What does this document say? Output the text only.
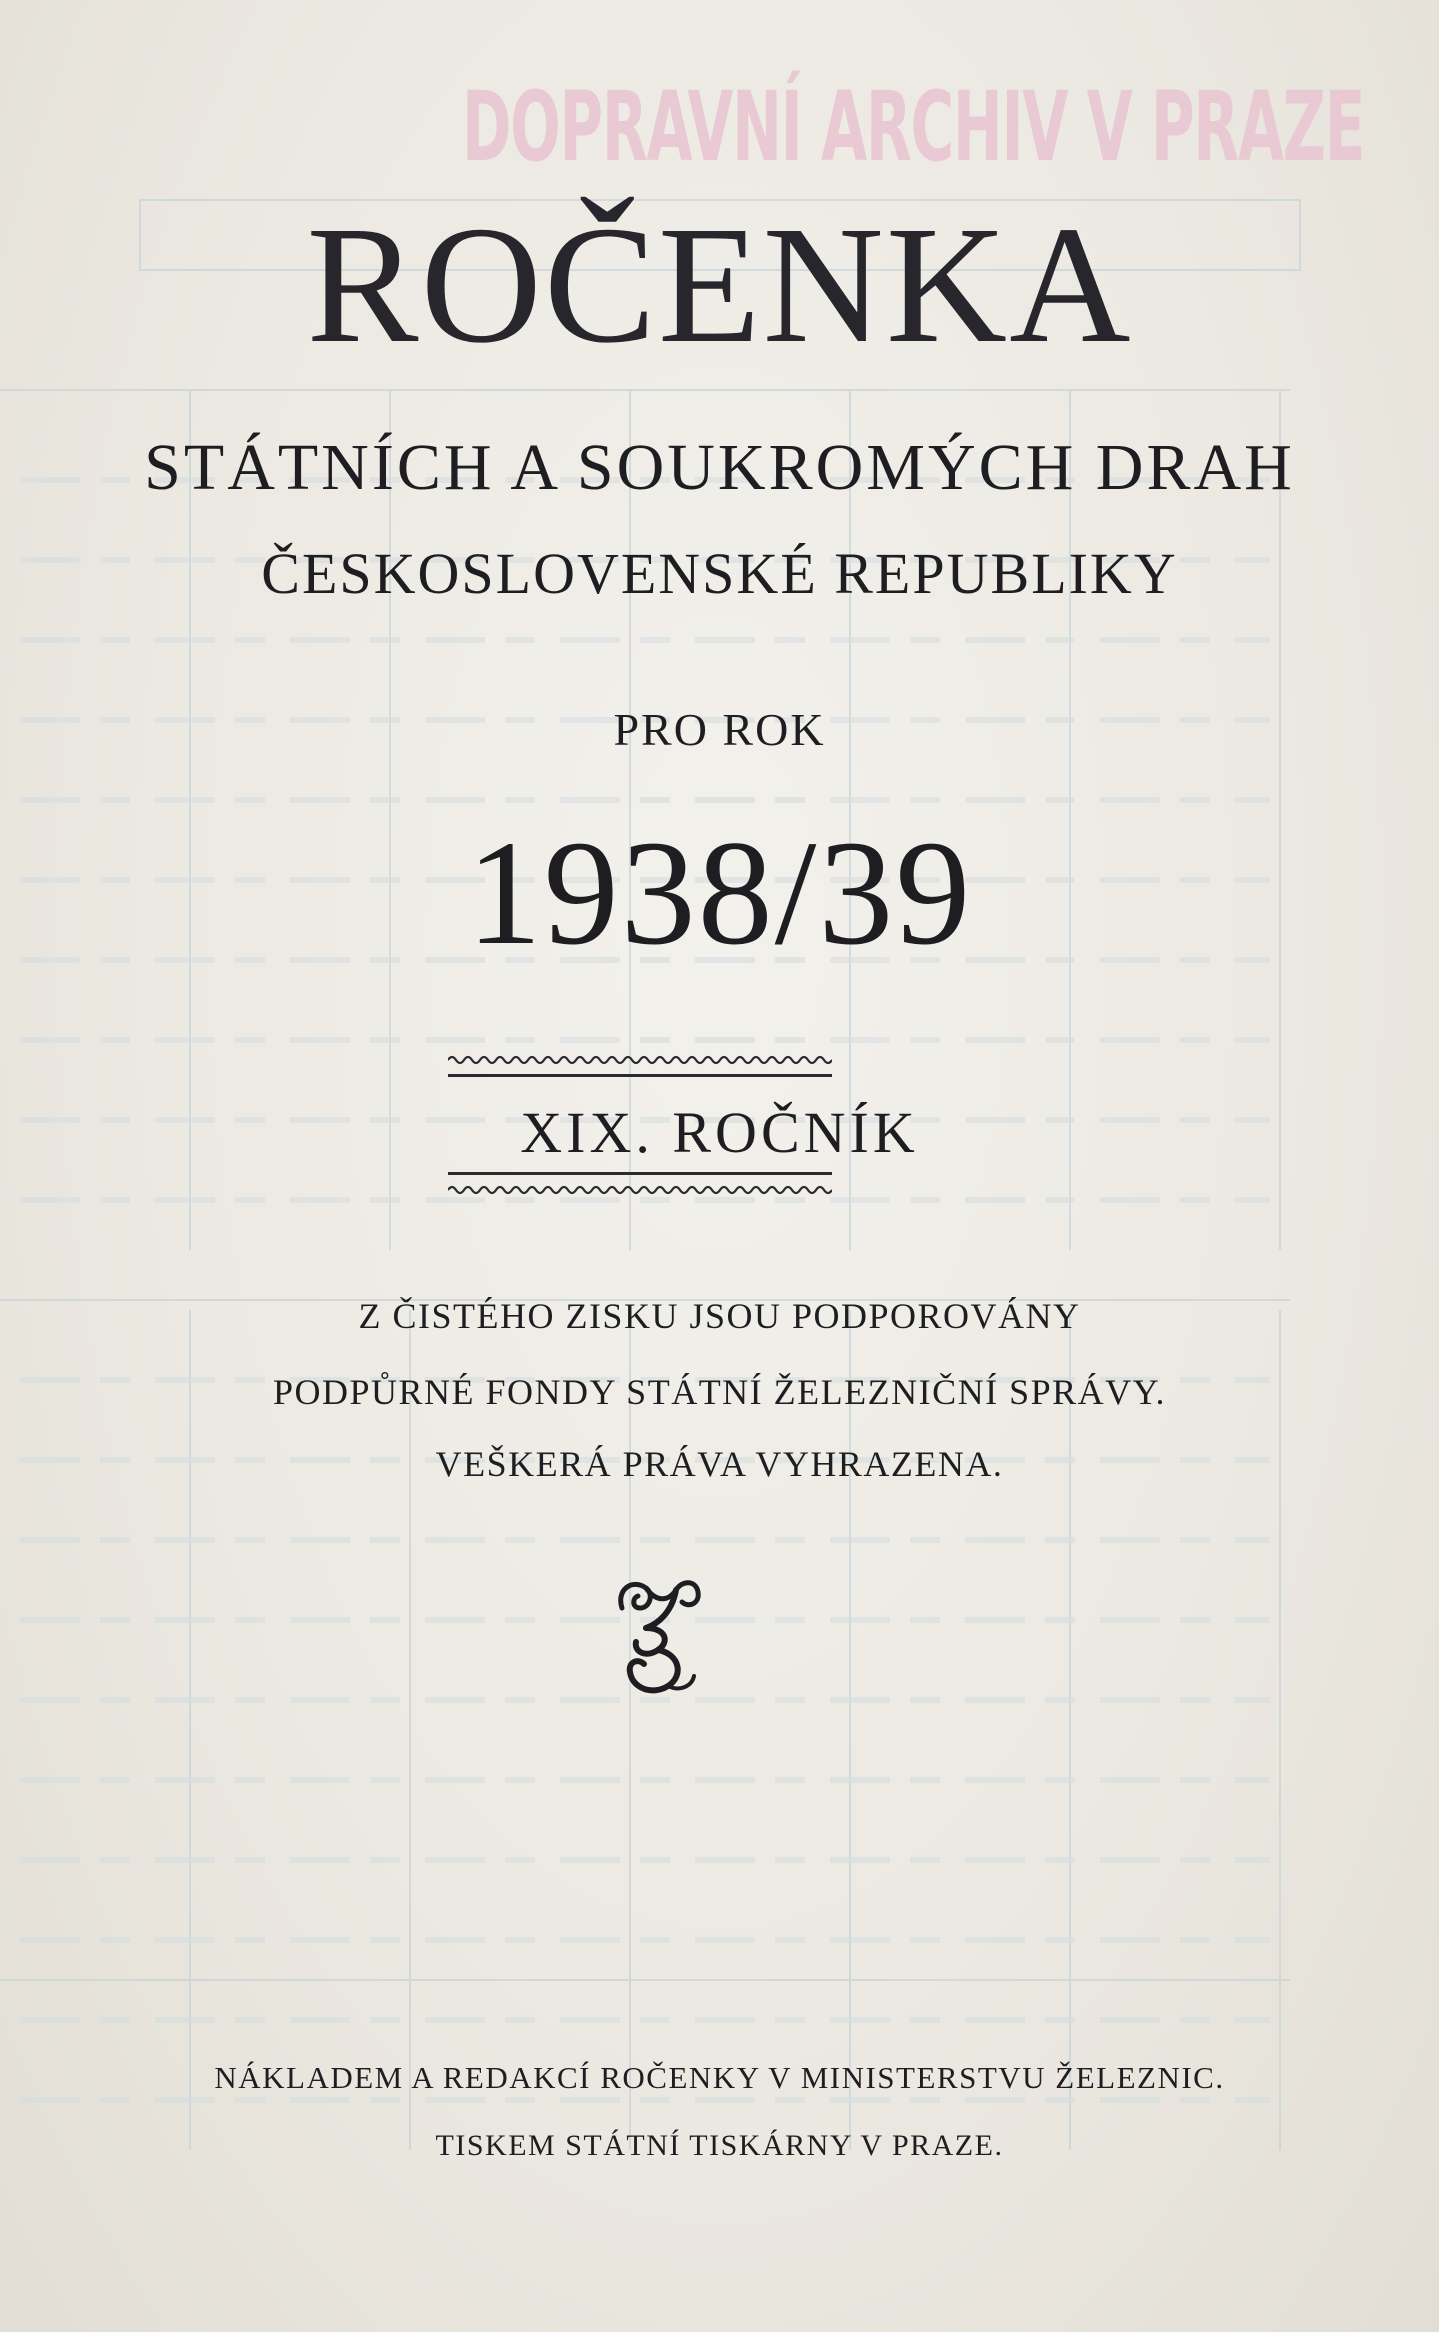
DOPRAVNÍ ARCHIV V PRAZE
ROČENKA
STÁTNÍCH A SOUKROMÝCH DRAH
ČESKOSLOVENSKÉ REPUBLIKY
PRO ROK
1938/39
XIX. ROČNÍK
Z ČISTÉHO ZISKU JSOU PODPOROVÁNY
PODPŮRNÉ FONDY STÁTNÍ ŽELEZNIČNÍ SPRÁVY.
VEŠKERÁ PRÁVA VYHRAZENA.
NÁKLADEM A REDAKCÍ ROČENKY V MINISTERSTVU ŽELEZNIC.
TISKEM STÁTNÍ TISKÁRNY V PRAZE.
